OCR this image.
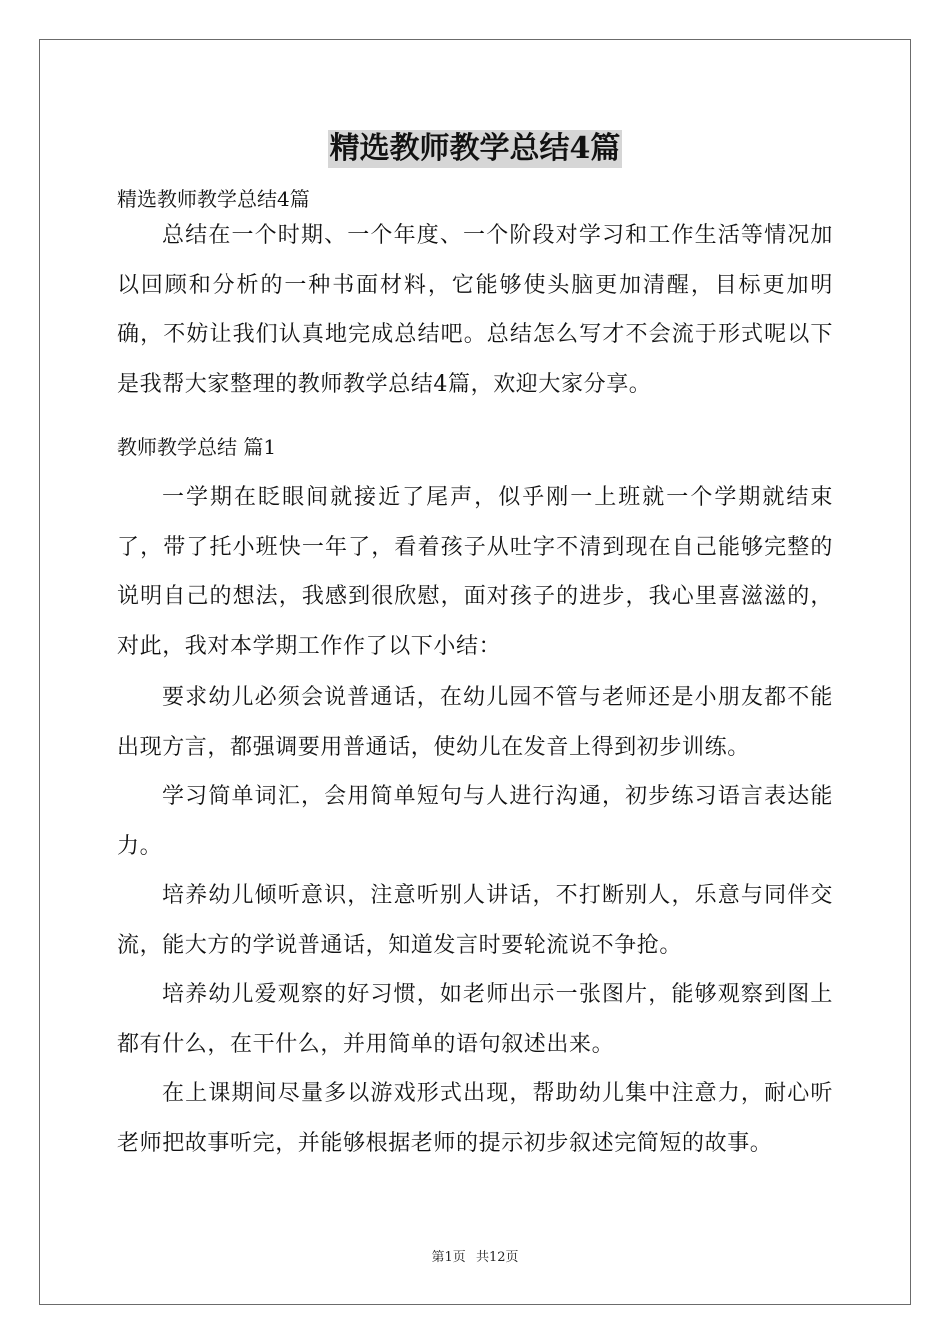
精选教师教学总结4篇
精选教师教学总结4篇

总结在一个时期、一个年度、一个阶段对学习和工作生活等情况加以回顾和分析的一种书面材料，它能够使头脑更加清醒，目标更加明确，不妨让我们认真地完成总结吧。总结怎么写才不会流于形式呢以下是我帮大家整理的教师教学总结4篇，欢迎大家分享。

教师教学总结 篇1

一学期在眨眼间就接近了尾声，似乎刚一上班就一个学期就结束了，带了托小班快一年了，看着孩子从吐字不清到现在自己能够完整的说明自己的想法，我感到很欣慰，面对孩子的进步，我心里喜滋滋的，对此，我对本学期工作作了以下小结：

要求幼儿必须会说普通话，在幼儿园不管与老师还是小朋友都不能出现方言，都强调要用普通话，使幼儿在发音上得到初步训练。

学习简单词汇，会用简单短句与人进行沟通，初步练习语言表达能力。

培养幼儿倾听意识，注意听别人讲话，不打断别人，乐意与同伴交流，能大方的学说普通话，知道发言时要轮流说不争抢。

培养幼儿爱观察的好习惯，如老师出示一张图片，能够观察到图上都有什么，在干什么，并用简单的语句叙述出来。

在上课期间尽量多以游戏形式出现，帮助幼儿集中注意力，耐心听老师把故事听完，并能够根据老师的提示初步叙述完简短的故事。

第1页 共12页
